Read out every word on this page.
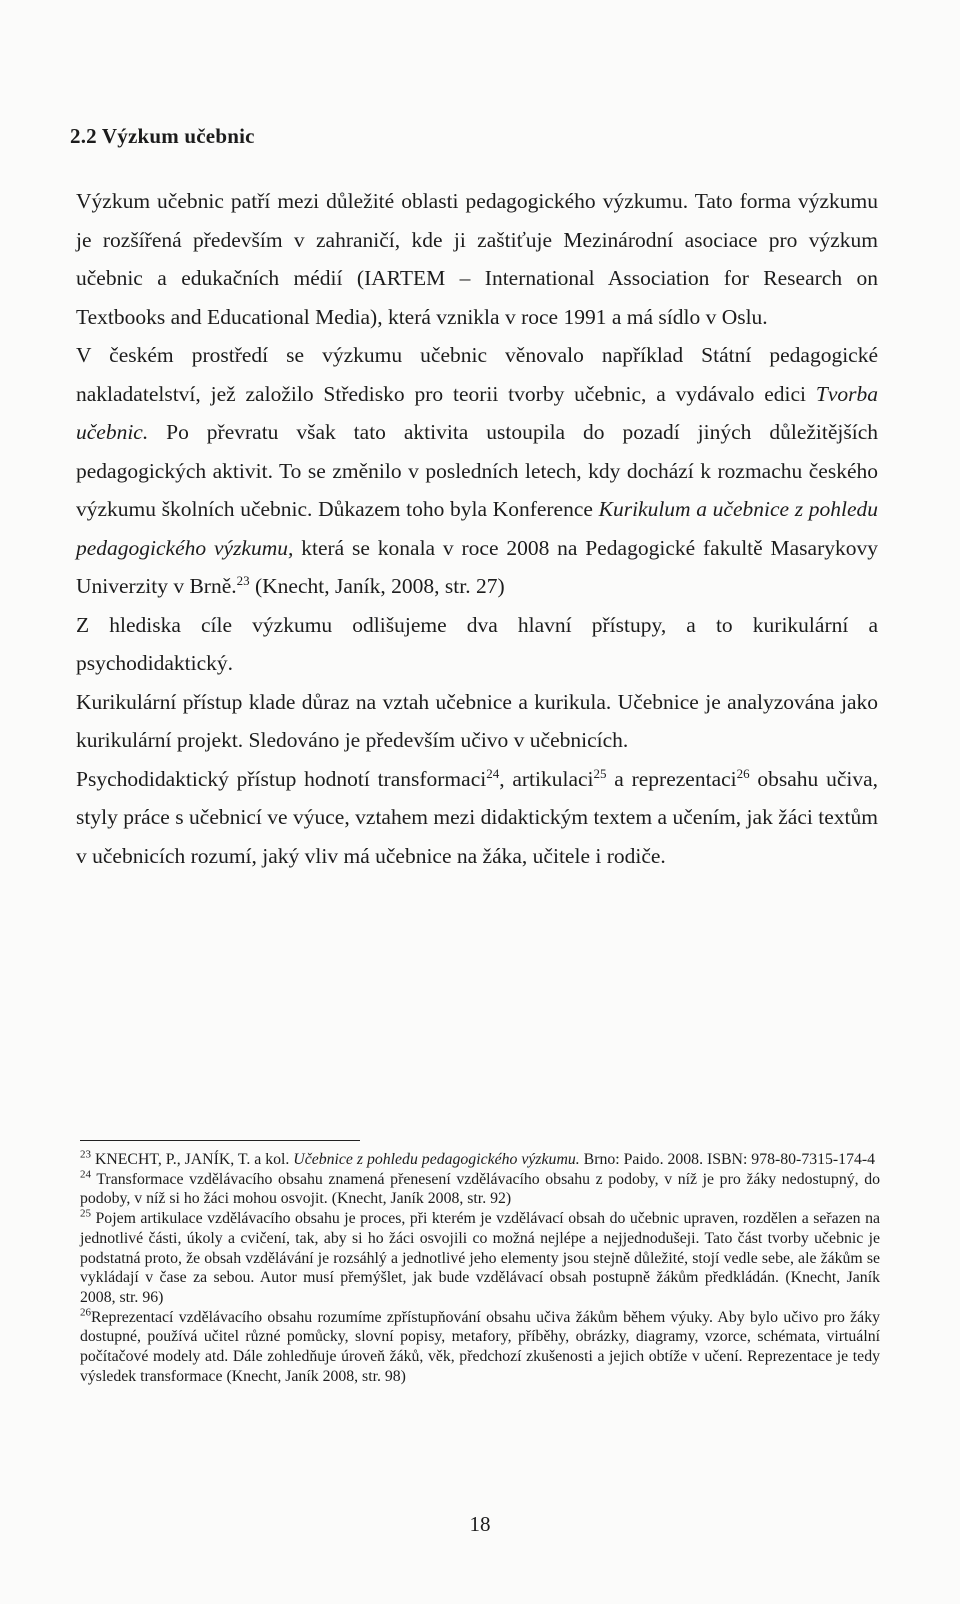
2.2 Výzkum učebnic

Výzkum učebnic patří mezi důležité oblasti pedagogického výzkumu. Tato forma výzkumu je rozšířená především v zahraničí, kde ji zaštiťuje Mezinárodní asociace pro výzkum učebnic a edukačních médií (IARTEM – International Association for Research on Textbooks and Educational Media), která vznikla v roce 1991 a má sídlo v Oslu.

V českém prostředí se výzkumu učebnic věnovalo například Státní pedagogické nakladatelství, jež založilo Středisko pro teorii tvorby učebnic, a vydávalo edici Tvorba učebnic. Po převratu však tato aktivita ustoupila do pozadí jiných důležitějších pedagogických aktivit. To se změnilo v posledních letech, kdy dochází k rozmachu českého výzkumu školních učebnic. Důkazem toho byla Konference Kurikulum a učebnice z pohledu pedagogického výzkumu, která se konala v roce 2008 na Pedagogické fakultě Masarykovy Univerzity v Brně.$^{23}$ (Knecht, Janík, 2008, str. 27)

Z hlediska cíle výzkumu odlišujeme dva hlavní přístupy, a to kurikulární a psychodidaktický.

Kurikulární přístup klade důraz na vztah učebnice a kurikula. Učebnice je analyzována jako kurikulární projekt. Sledováno je především učivo v učebnicích.

Psychodidaktický přístup hodnotí transformaci$^{24}$, artikulaci$^{25}$ a reprezentaci$^{26}$ obsahu učiva, styly práce s učebnicí ve výuce, vztahem mezi didaktickým textem a učením, jak žáci textům v učebnicích rozumí, jaký vliv má učebnice na žáka, učitele i rodiče.

$^{23}$ KNECHT, P., JANÍK, T. a kol. Učebnice z pohledu pedagogického výzkumu. Brno: Paido. 2008. ISBN: 978-80-7315-174-4

$^{24}$ Transformace vzdělávacího obsahu znamená přenesení vzdělávacího obsahu z podoby, v níž je pro žáky nedostupný, do podoby, v níž si ho žáci mohou osvojit. (Knecht, Janík 2008, str. 92)

$^{25}$ Pojem artikulace vzdělávacího obsahu je proces, při kterém je vzdělávací obsah do učebnic upraven, rozdělen a seřazen na jednotlivé části, úkoly a cvičení, tak, aby si ho žáci osvojili co možná nejlépe a nejjednodušeji. Tato část tvorby učebnic je podstatná proto, že obsah vzdělávání je rozsáhlý a jednotlivé jeho elementy jsou stejně důležité, stojí vedle sebe, ale žákům se vykládají v čase za sebou. Autor musí přemýšlet, jak bude vzdělávací obsah postupně žákům předkládán. (Knecht, Janík 2008, str. 96)

$^{26}$Reprezentací vzdělávacího obsahu rozumíme zpřístupňování obsahu učiva žákům během výuky. Aby bylo učivo pro žáky dostupné, používá učitel různé pomůcky, slovní popisy, metafory, příběhy, obrázky, diagramy, vzorce, schémata, virtuální počítačové modely atd. Dále zohledňuje úroveň žáků, věk, předchozí zkušenosti a jejich obtíže v učení. Reprezentace je tedy výsledek transformace (Knecht, Janík 2008, str. 98)

18
